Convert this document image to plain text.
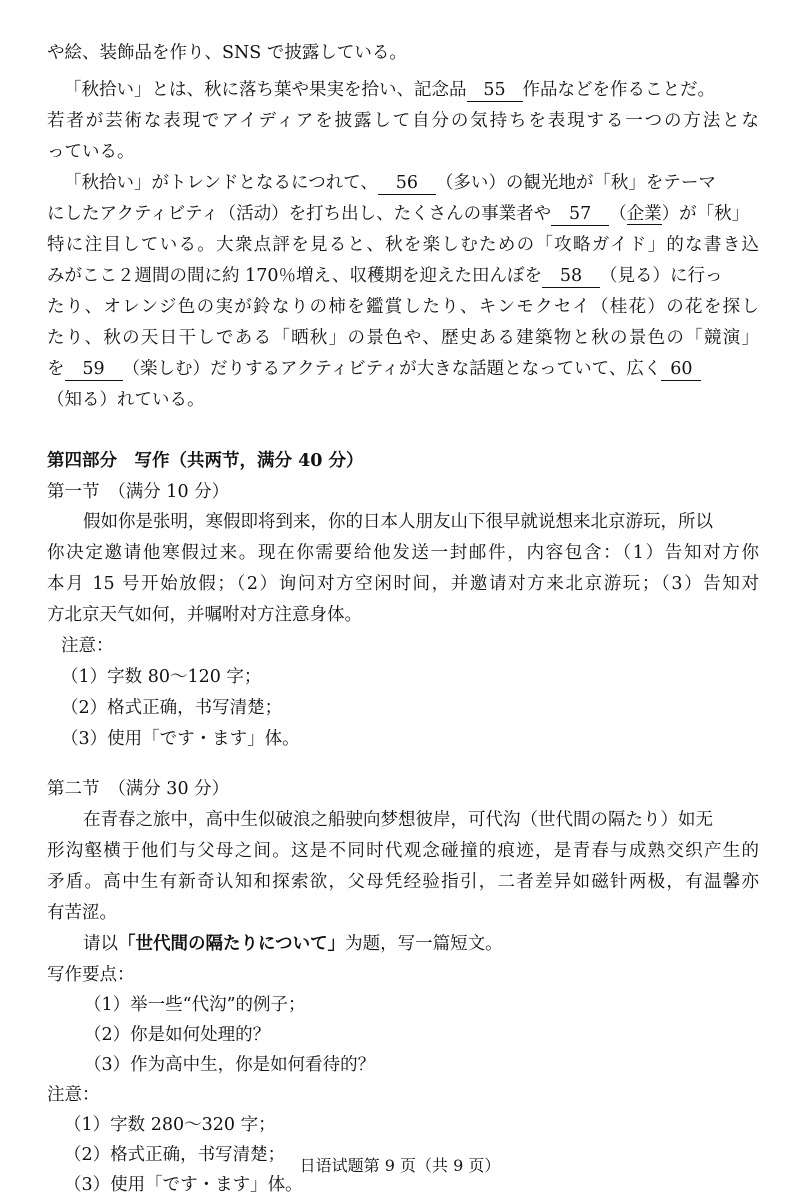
や絵、装飾品を作り、SNS で披露している。
「秋拾い」とは、秋に落ち葉や果実を拾い、記念品 55 作品などを作ることだ。
若者が芸術な表現でアイディアを披露して自分の気持ちを表現する一つの方法とな
っている。
「秋拾い」がトレンドとなるにつれて、 56 （多い）の観光地が「秋」をテーマ
にしたアクティビティ（活动）を打ち出し、たくさんの事業者や 57 （企業）が「秋」
特に注目している。大衆点評を見ると、秋を楽しむための「攻略ガイド」的な書き込
みがここ２週間の間に約 170％増え、収穫期を迎えた田んぼを 58 （見る）に行っ
たり、オレンジ色の実が鈴なりの柿を鑑賞したり、キンモクセイ（桂花）の花を探し
たり、秋の天日干しである「晒秋」の景色や、歴史ある建築物と秋の景色の「競演」
を 59 （楽しむ）だりするアクティビティが大きな話題となっていて、広く 60
（知る）れている。
第四部分　写作（共两节，满分 40 分）
第一节　（满分 10 分）
假如你是张明，寒假即将到来，你的日本人朋友山下很早就说想来北京游玩，所以
你决定邀请他寒假过来。现在你需要给他发送一封邮件，内容包含：（1）告知对方你
本月 15 号开始放假；（2）询问对方空闲时间，并邀请对方来北京游玩；（3）告知对
方北京天气如何，并嘱咐对方注意身体。
注意：
（1）字数 80～120 字；
（2）格式正确，书写清楚；
（3）使用「です・ます」体。
第二节　（满分 30 分）
在青春之旅中，高中生似破浪之船驶向梦想彼岸，可代沟（世代間の隔たり）如无
形沟壑横于他们与父母之间。这是不同时代观念碰撞的痕迹，是青春与成熟交织产生的
矛盾。高中生有新奇认知和探索欲，父母凭经验指引，二者差异如磁针两极，有温馨亦
有苦涩。
请以「世代間の隔たりについて」为题，写一篇短文。
写作要点：
（1）举一些“代沟”的例子；
（2）你是如何处理的？
（3）作为高中生，你是如何看待的？
注意：
（1）字数 280～320 字；
（2）格式正确，书写清楚；
（3）使用「です・ます」体。
日语试题第 9 页（共 9 页）
